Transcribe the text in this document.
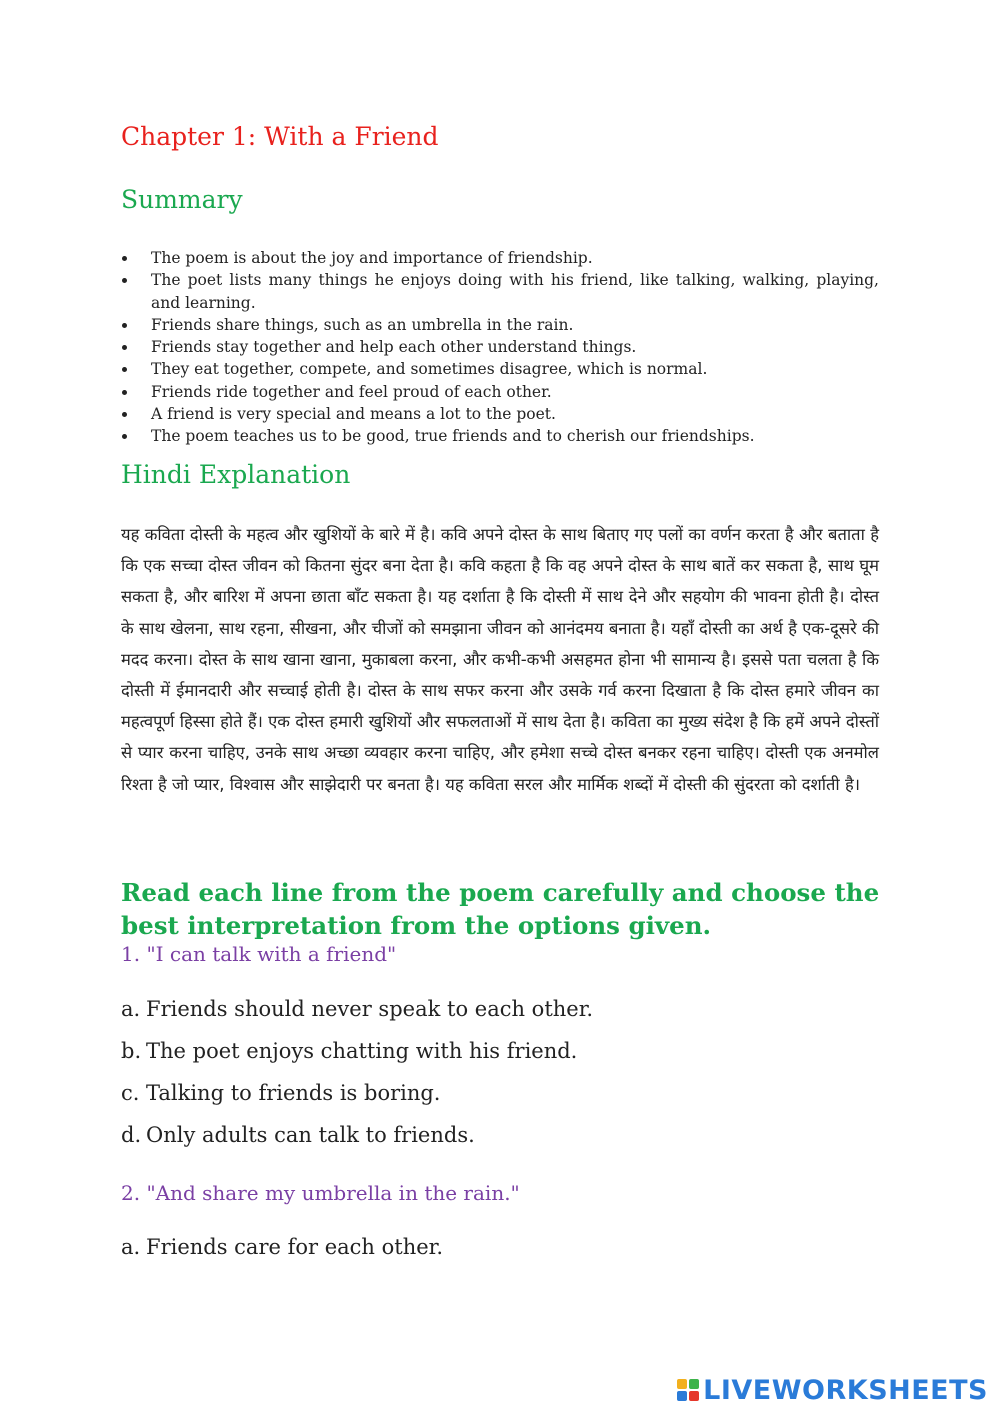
Chapter 1: With a Friend
Summary
The poem is about the joy and importance of friendship.
The poet lists many things he enjoys doing with his friend, like talking, walking, playing, and learning.
Friends share things, such as an umbrella in the rain.
Friends stay together and help each other understand things.
They eat together, compete, and sometimes disagree, which is normal.
Friends ride together and feel proud of each other.
A friend is very special and means a lot to the poet.
The poem teaches us to be good, true friends and to cherish our friendships.
Hindi Explanation

यह कविता दोस्ती के महत्व और खुशियों के बारे में है। कवि अपने दोस्त के साथ बिताए गए पलों का वर्णन करता है और बताता है कि एक सच्चा दोस्त जीवन को कितना सुंदर बना देता है। कवि कहता है कि वह अपने दोस्त के साथ बातें कर सकता है, साथ घूम सकता है, और बारिश में अपना छाता बाँट सकता है। यह दर्शाता है कि दोस्ती में साथ देने और सहयोग की भावना होती है। दोस्त के साथ खेलना, साथ रहना, सीखना, और चीजों को समझाना जीवन को आनंदमय बनाता है। यहाँ दोस्ती का अर्थ है एक-दूसरे की मदद करना। दोस्त के साथ खाना खाना, मुकाबला करना, और कभी-कभी असहमत होना भी सामान्य है। इससे पता चलता है कि दोस्ती में ईमानदारी और सच्चाई होती है। दोस्त के साथ सफर करना और उसके गर्व करना दिखाता है कि दोस्त हमारे जीवन का महत्वपूर्ण हिस्सा होते हैं। एक दोस्त हमारी खुशियों और सफलताओं में साथ देता है। कविता का मुख्य संदेश है कि हमें अपने दोस्तों से प्यार करना चाहिए, उनके साथ अच्छा व्यवहार करना चाहिए, और हमेशा सच्चे दोस्त बनकर रहना चाहिए। दोस्ती एक अनमोल रिश्ता है जो प्यार, विश्वास और साझेदारी पर बनता है। यह कविता सरल और मार्मिक शब्दों में दोस्ती की सुंदरता को दर्शाती है।

Read each line from the poem carefully and choose the best interpretation from the options given.

1. "I can talk with a friend"
a. Friends should never speak to each other.
b. The poet enjoys chatting with his friend.
c. Talking to friends is boring.
d. Only adults can talk to friends.
2. "And share my umbrella in the rain."
a. Friends care for each other.
LIVEWORKSHEETS
